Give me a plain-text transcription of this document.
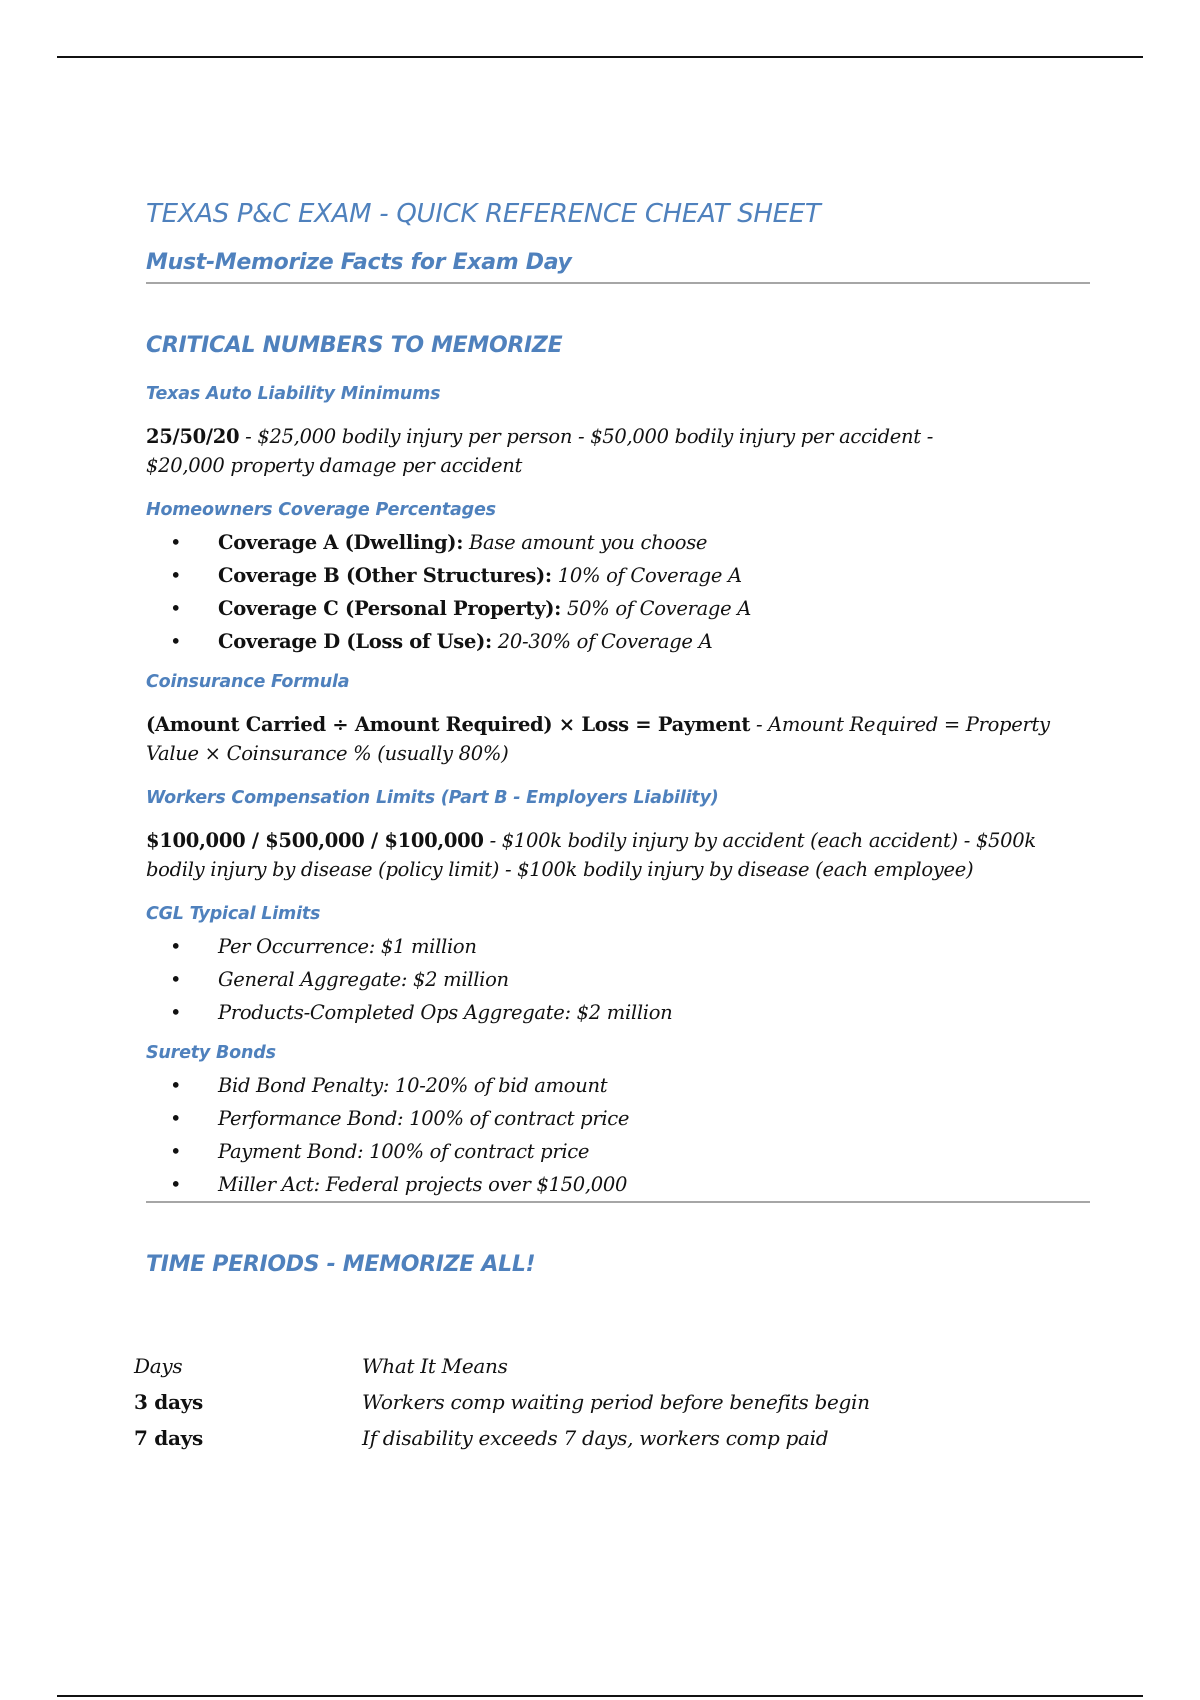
TEXAS P&C EXAM - QUICK REFERENCE CHEAT SHEET
Must-Memorize Facts for Exam Day
CRITICAL NUMBERS TO MEMORIZE
Texas Auto Liability Minimums

25/50/20 - $25,000 bodily injury per person - $50,000 bodily injury per accident - $20,000 property damage per accident

Homeowners Coverage Percentages
• Coverage A (Dwelling): Base amount you choose
• Coverage B (Other Structures): 10% of Coverage A
• Coverage C (Personal Property): 50% of Coverage A
• Coverage D (Loss of Use): 20-30% of Coverage A
Coinsurance Formula

(Amount Carried ÷ Amount Required) × Loss = Payment - Amount Required = Property Value × Coinsurance % (usually 80%)

Workers Compensation Limits (Part B - Employers Liability)

$100,000 / $500,000 / $100,000 - $100k bodily injury by accident (each accident) - $500k bodily injury by disease (policy limit) - $100k bodily injury by disease (each employee)

CGL Typical Limits
• Per Occurrence: $1 million
• General Aggregate: $2 million
• Products-Completed Ops Aggregate: $2 million
Surety Bonds
• Bid Bond Penalty: 10-20% of bid amount
• Performance Bond: 100% of contract price
• Payment Bond: 100% of contract price
• Miller Act: Federal projects over $150,000
TIME PERIODS - MEMORIZE ALL!
Days	What It Means
3 days	Workers comp waiting period before benefits begin
7 days	If disability exceeds 7 days, workers comp paid
